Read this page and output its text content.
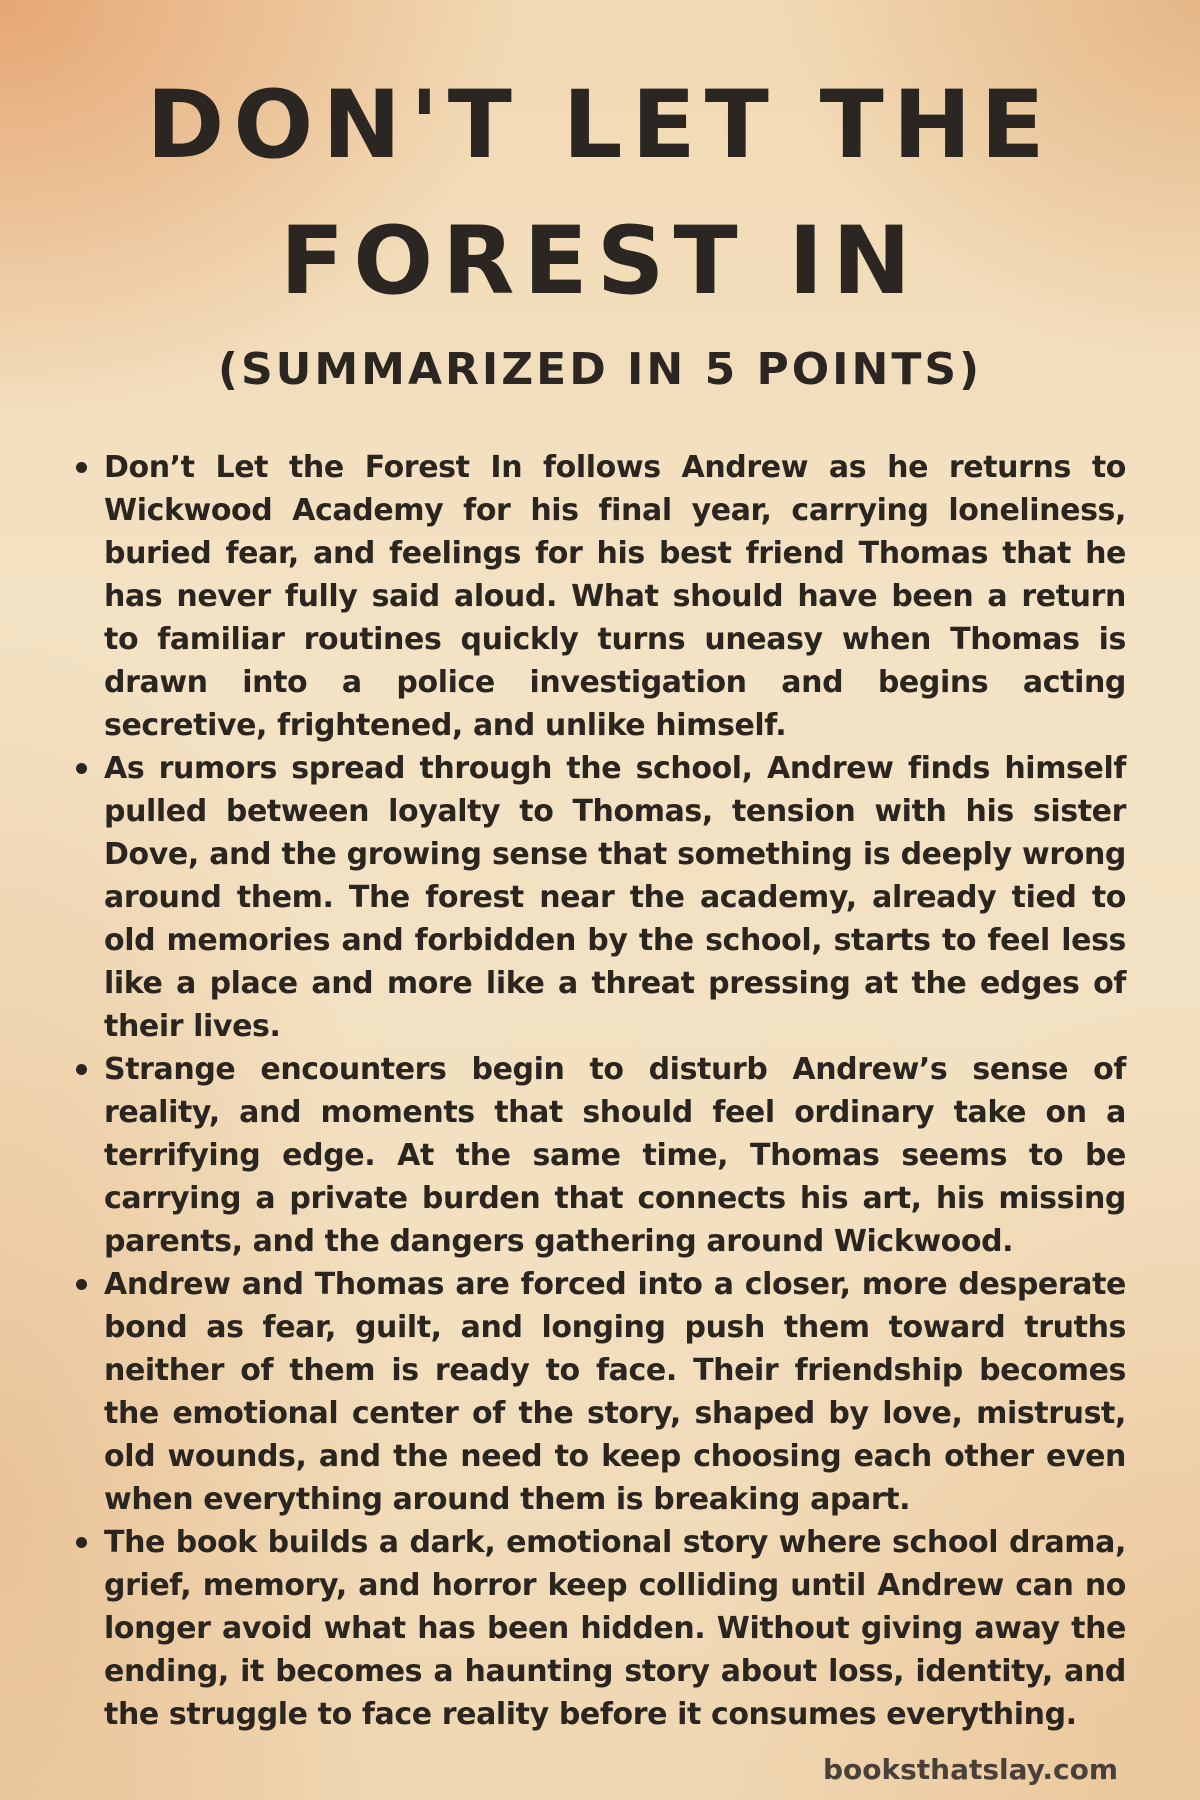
DON'T LET THE FOREST IN
(SUMMARIZED IN 5 POINTS)
Don’t Let the Forest In follows Andrew as he returns to Wickwood Academy for his final year, carrying loneliness, buried fear, and feelings for his best friend Thomas that he has never fully said aloud. What should have been a return to familiar routines quickly turns uneasy when Thomas is drawn into a police investigation and begins acting secretive, frightened, and unlike himself.
As rumors spread through the school, Andrew finds himself pulled between loyalty to Thomas, tension with his sister Dove, and the growing sense that something is deeply wrong around them. The forest near the academy, already tied to old memories and forbidden by the school, starts to feel less like a place and more like a threat pressing at the edges of their lives.
Strange encounters begin to disturb Andrew’s sense of reality, and moments that should feel ordinary take on a terrifying edge. At the same time, Thomas seems to be carrying a private burden that connects his art, his missing parents, and the dangers gathering around Wickwood.
Andrew and Thomas are forced into a closer, more desperate bond as fear, guilt, and longing push them toward truths neither of them is ready to face. Their friendship becomes the emotional center of the story, shaped by love, mistrust, old wounds, and the need to keep choosing each other even when everything around them is breaking apart.
The book builds a dark, emotional story where school drama, grief, memory, and horror keep colliding until Andrew can no longer avoid what has been hidden. Without giving away the ending, it becomes a haunting story about loss, identity, and the struggle to face reality before it consumes everything.

booksthatslay.com
